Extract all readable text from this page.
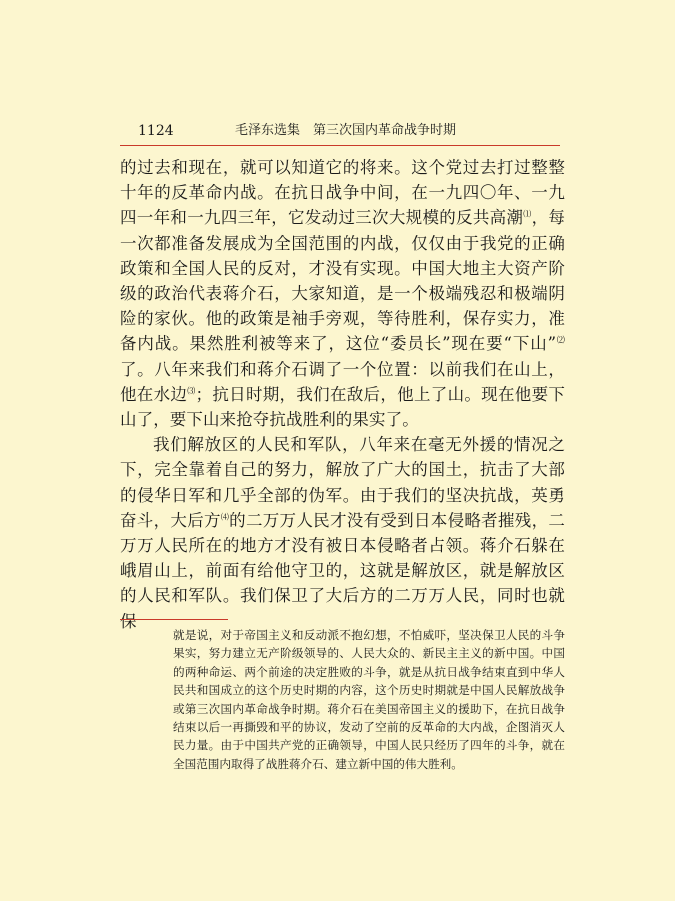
1124	毛泽东选集　第三次国内革命战争时期

的过去和现在，就可以知道它的将来。这个党过去打过整整十年的反革命内战。在抗日战争中间，在一九四〇年、一九四一年和一九四三年，它发动过三次大规模的反共高潮⑴，每一次都准备发展成为全国范围的内战，仅仅由于我党的正确政策和全国人民的反对，才没有实现。中国大地主大资产阶级的政治代表蒋介石，大家知道，是一个极端残忍和极端阴险的家伙。他的政策是袖手旁观，等待胜利，保存实力，准备内战。果然胜利被等来了，这位“委员长”现在要“下山”⑵了。八年来我们和蒋介石调了一个位置：以前我们在山上，他在水边⑶；抗日时期，我们在敌后，他上了山。现在他要下山了，要下山来抢夺抗战胜利的果实了。

我们解放区的人民和军队，八年来在毫无外援的情况之下，完全靠着自己的努力，解放了广大的国土，抗击了大部的侵华日军和几乎全部的伪军。由于我们的坚决抗战，英勇奋斗，大后方⑷的二万万人民才没有受到日本侵略者摧残，二万万人民所在的地方才没有被日本侵略者占领。蒋介石躲在峨眉山上，前面有给他守卫的，这就是解放区，就是解放区的人民和军队。我们保卫了大后方的二万万人民，同时也就保

就是说，对于帝国主义和反动派不抱幻想，不怕威吓，坚决保卫人民的斗争果实，努力建立无产阶级领导的、人民大众的、新民主主义的新中国。中国的两种命运、两个前途的决定胜败的斗争，就是从抗日战争结束直到中华人民共和国成立的这个历史时期的内容，这个历史时期就是中国人民解放战争或第三次国内革命战争时期。蒋介石在美国帝国主义的援助下，在抗日战争结束以后一再撕毁和平的协议，发动了空前的反革命的大内战，企图消灭人民力量。由于中国共产党的正确领导，中国人民只经历了四年的斗争，就在全国范围内取得了战胜蒋介石、建立新中国的伟大胜利。
